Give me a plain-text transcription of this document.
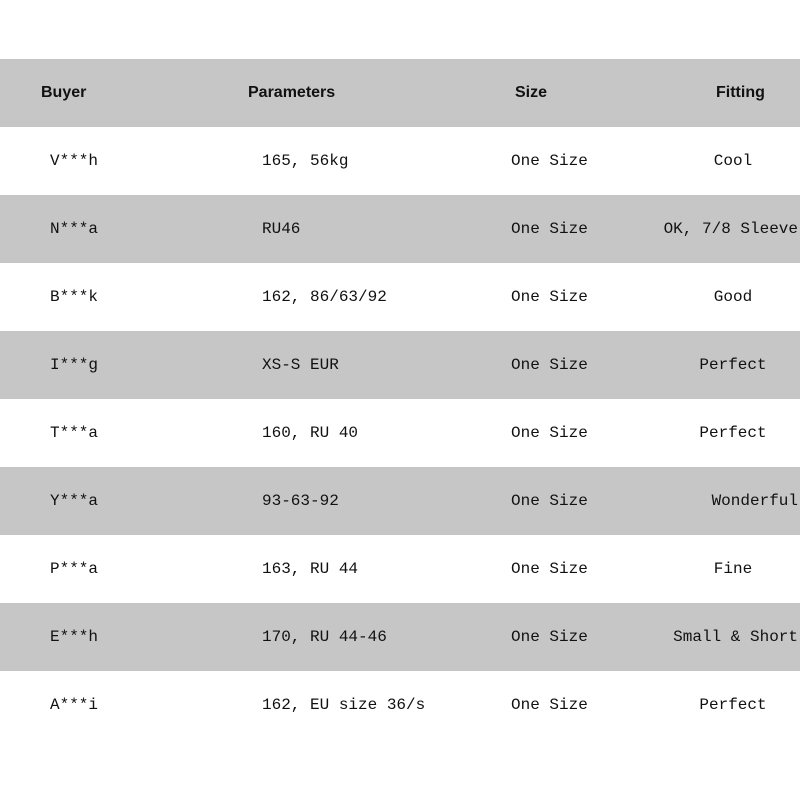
Buyer	Parameters	Size	Fitting
V***h	165, 56kg	One Size	Cool
N***a	RU46	One Size	OK, 7/8 Sleeve
B***k	162, 86/63/92	One Size	Good
I***g	XS-S EUR	One Size	Perfect
T***a	160, RU 40	One Size	Perfect
Y***a	93-63-92	One Size	Wonderful
P***a	163, RU 44	One Size	Fine
E***h	170, RU 44-46	One Size	Small & Short
A***i	162, EU size 36/s	One Size	Perfect
